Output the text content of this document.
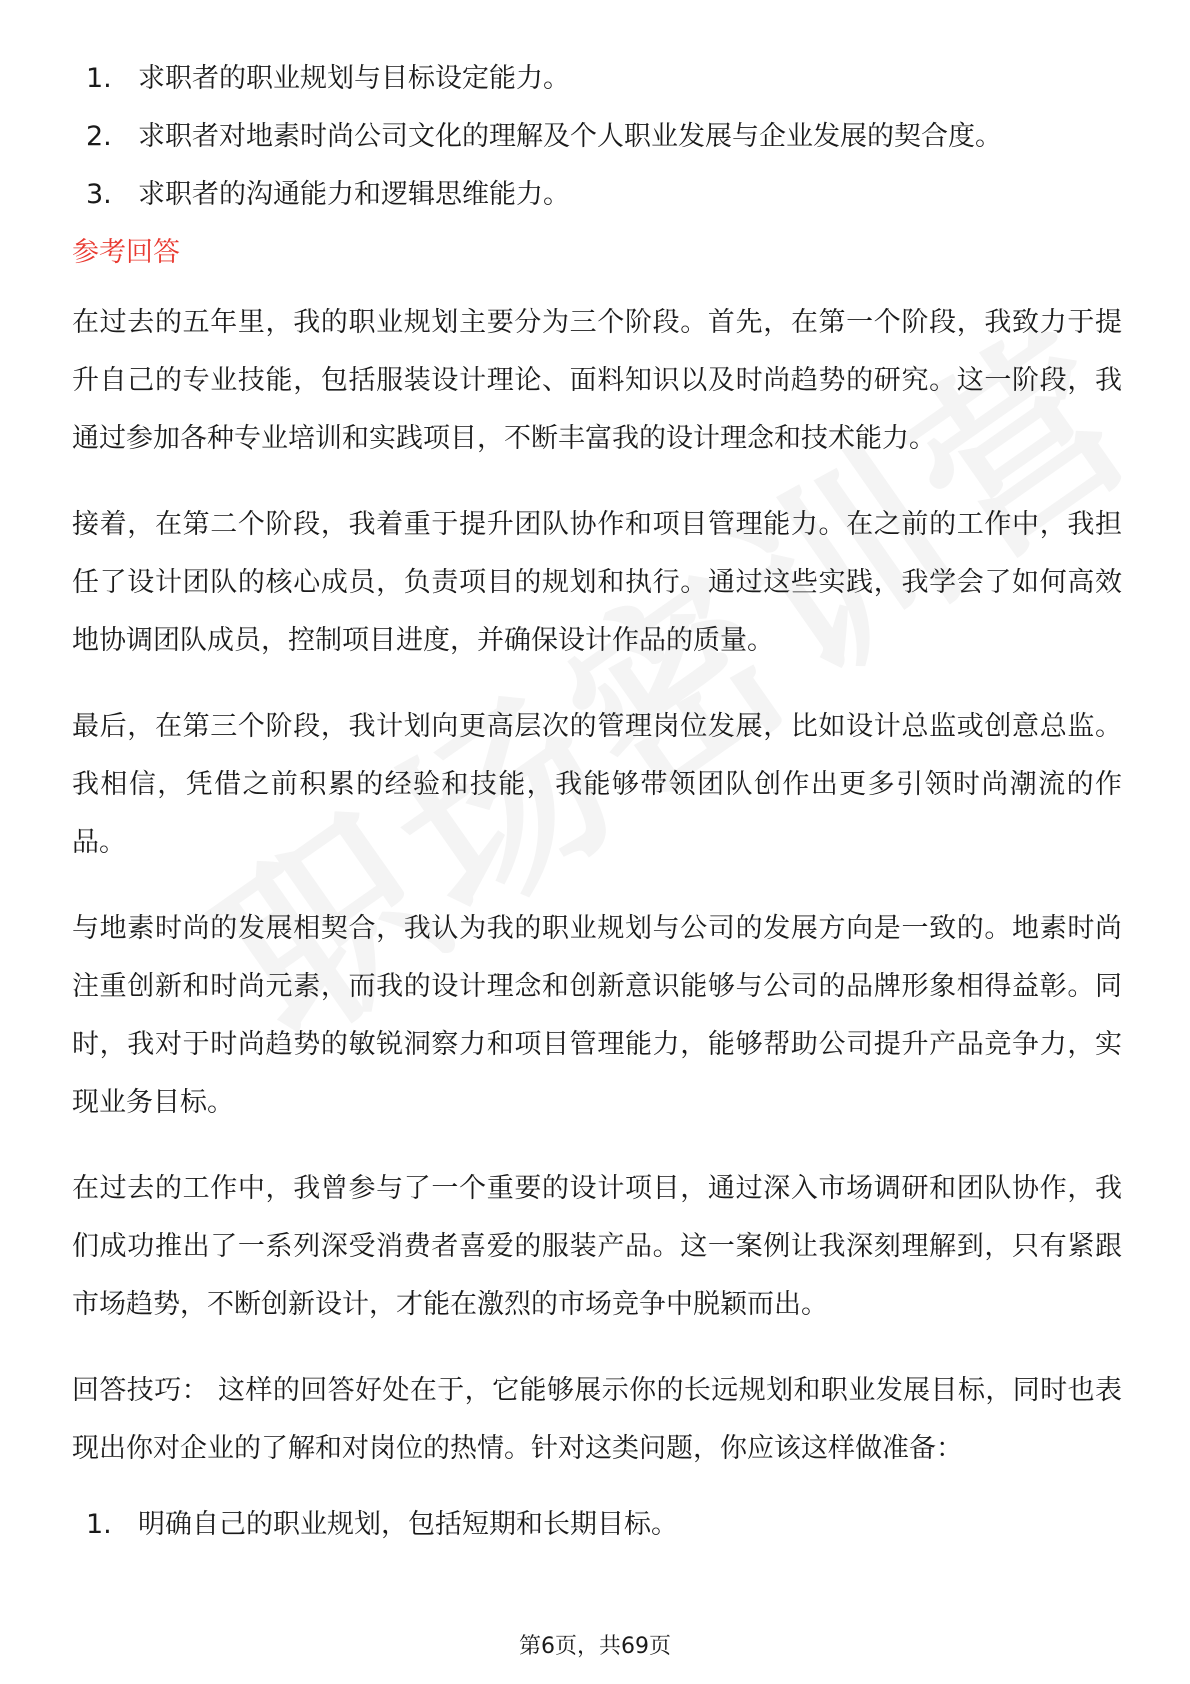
1. 求职者的职业规划与目标设定能力。
2. 求职者对地素时尚公司文化的理解及个人职业发展与企业发展的契合度。
3. 求职者的沟通能力和逻辑思维能力。
参考回答

在过去的五年里，我的职业规划主要分为三个阶段。首先，在第一个阶段，我致力于提升自己的专业技能，包括服装设计理论、面料知识以及时尚趋势的研究。这一阶段，我通过参加各种专业培训和实践项目，不断丰富我的设计理念和技术能力。

接着，在第二个阶段，我着重于提升团队协作和项目管理能力。在之前的工作中，我担任了设计团队的核心成员，负责项目的规划和执行。通过这些实践，我学会了如何高效地协调团队成员，控制项目进度，并确保设计作品的质量。

最后，在第三个阶段，我计划向更高层次的管理岗位发展，比如设计总监或创意总监。我相信，凭借之前积累的经验和技能，我能够带领团队创作出更多引领时尚潮流的作品。

与地素时尚的发展相契合，我认为我的职业规划与公司的发展方向是一致的。地素时尚注重创新和时尚元素，而我的设计理念和创新意识能够与公司的品牌形象相得益彰。同时，我对于时尚趋势的敏锐洞察力和项目管理能力，能够帮助公司提升产品竞争力，实现业务目标。

在过去的工作中，我曾参与了一个重要的设计项目，通过深入市场调研和团队协作，我们成功推出了一系列深受消费者喜爱的服装产品。这一案例让我深刻理解到，只有紧跟市场趋势，不断创新设计，才能在激烈的市场竞争中脱颖而出。

回答技巧： 这样的回答好处在于，它能够展示你的长远规划和职业发展目标，同时也表现出你对企业的了解和对岗位的热情。针对这类问题，你应该这样做准备：

1. 明确自己的职业规划，包括短期和长期目标。
第6页，共69页
